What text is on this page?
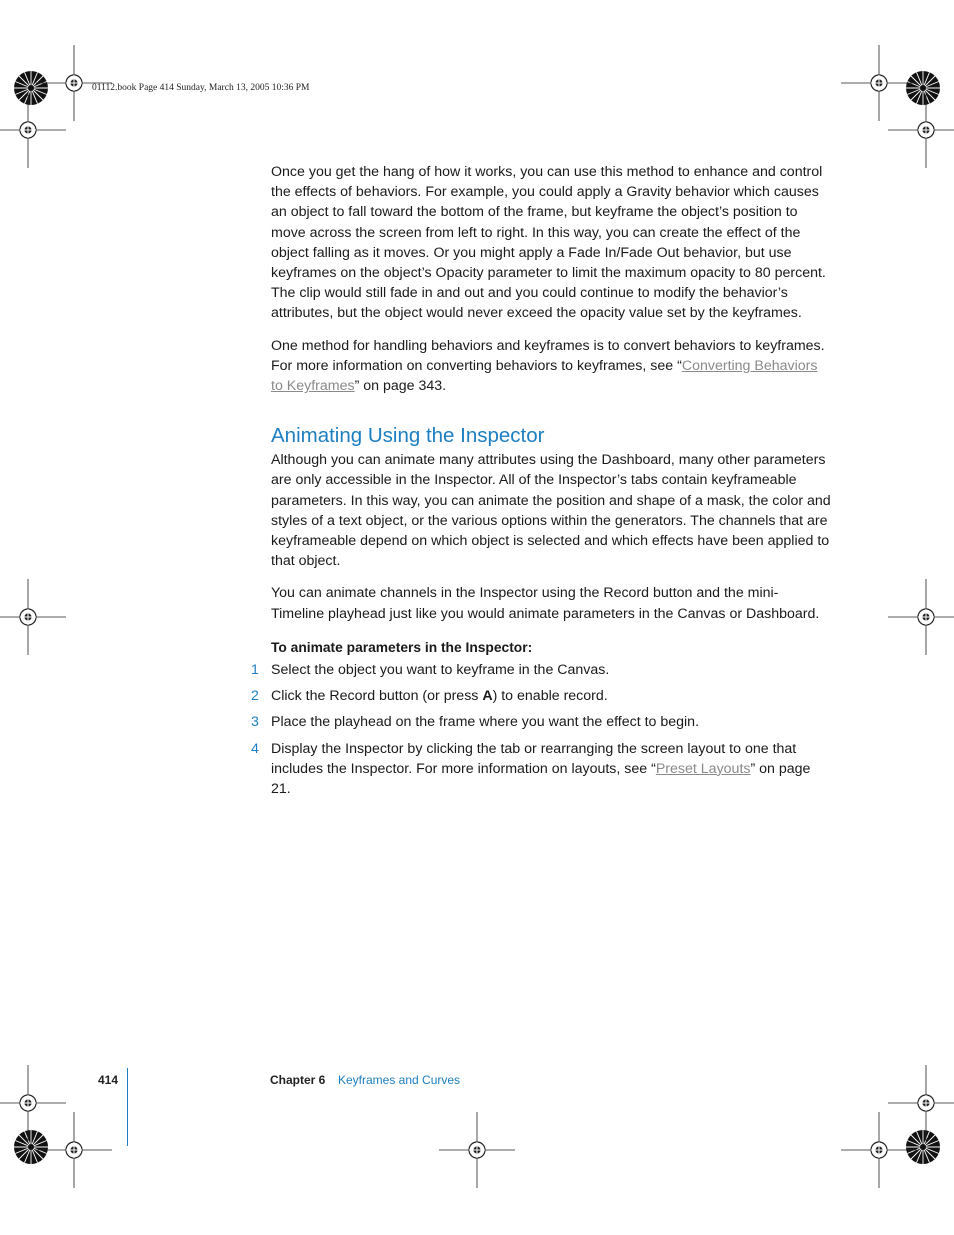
01112.book Page 414 Sunday, March 13, 2005 10:36 PM

Once you get the hang of how it works, you can use this method to enhance and control the effects of behaviors. For example, you could apply a Gravity behavior which causes an object to fall toward the bottom of the frame, but keyframe the object’s position to move across the screen from left to right. In this way, you can create the effect of the object falling as it moves. Or you might apply a Fade In/Fade Out behavior, but use keyframes on the object’s Opacity parameter to limit the maximum opacity to 80 percent. The clip would still fade in and out and you could continue to modify the behavior’s attributes, but the object would never exceed the opacity value set by the keyframes.

One method for handling behaviors and keyframes is to convert behaviors to keyframes. For more information on converting behaviors to keyframes, see “Converting Behaviors to Keyframes” on page 343.

Animating Using the Inspector

Although you can animate many attributes using the Dashboard, many other parameters are only accessible in the Inspector. All of the Inspector’s tabs contain keyframeable parameters. In this way, you can animate the position and shape of a mask, the color and styles of a text object, or the various options within the generators. The channels that are keyframeable depend on which object is selected and which effects have been applied to that object.

You can animate channels in the Inspector using the Record button and the mini-Timeline playhead just like you would animate parameters in the Canvas or Dashboard.

To animate parameters in the Inspector:
1 Select the object you want to keyframe in the Canvas.
2 Click the Record button (or press A) to enable record.
3 Place the playhead on the frame where you want the effect to begin.
4 Display the Inspector by clicking the tab or rearranging the screen layout to one that includes the Inspector. For more information on layouts, see “Preset Layouts” on page 21.
414	Chapter 6 Keyframes and Curves
